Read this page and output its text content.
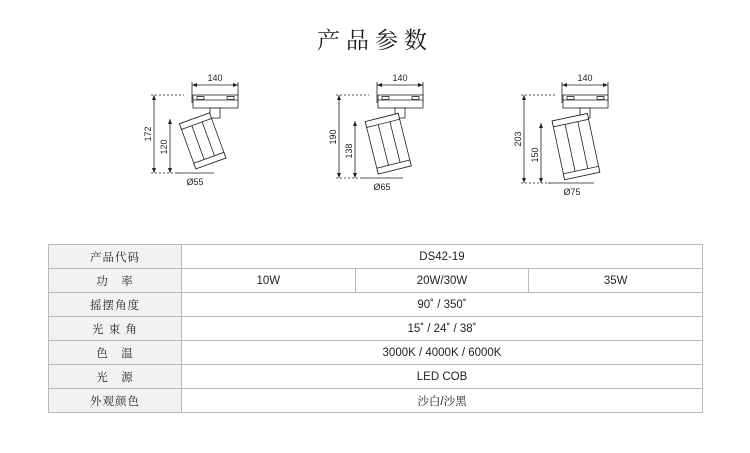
产品参数
140
172
120
Ø55
140
190
138
Ø65
140
203
150
Ø75
产品代码	DS42-19		
功　率	10W	20W/30W	35W
摇摆角度	90˚ / 350˚		
光 束 角	15˚ / 24˚ / 38˚		
色　温	3000K / 4000K / 6000K		
光　源	LED COB		
外观颜色	沙白/沙黑		
